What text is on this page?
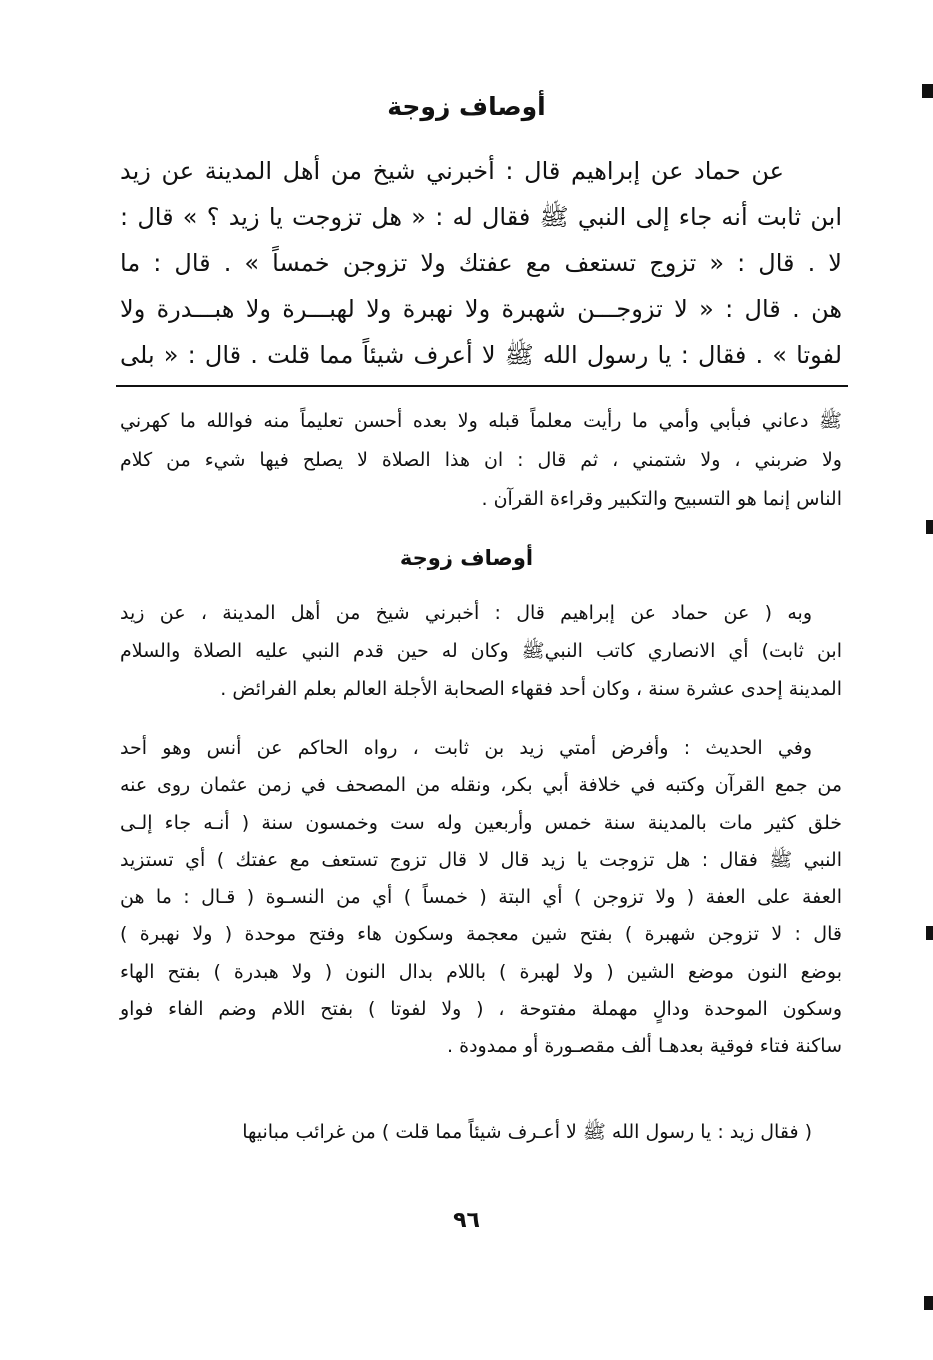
أوصاف زوجة
عن حماد عن إبراهيم قال : أخبرني شيخ من أهل المدينة عن زيد
ابن ثابت أنه جاء إلى النبي ﷺ فقال له : « هل تزوجت يا زيد ؟ » قال :
لا . قال : « تزوج تستعف مع عفتك ولا تزوجن خمساً » . قال : ما
هن . قال : « لا تزوجـــن شهبرة ولا نهبرة ولا لهبـــرة ولا هبـــدرة ولا
لفوتا » . فقال : يا رسول الله ﷺ لا أعرف شيئاً مما قلت . قال : « بلى
ﷺ دعاني فبأبي وأمي ما رأيت معلماً قبله ولا بعده أحسن تعليماً منه فوالله ما كهرني
ولا ضربني ، ولا شتمني ، ثم قال : ان هذا الصلاة لا يصلح فيها شيء من كلام
الناس إنما هو التسبيح والتكبير وقراءة القرآن .
أوصاف زوجة
وبه ( عن حماد عن إبراهيم قال : أخبرني شيخ من أهل المدينة ، عن زيد
ابن ثابت) أي الانصاري كاتب النبيﷺ وكان له حين قدم النبي عليه الصلاة والسلام
المدينة إحدى عشرة سنة ، وكان أحد فقهاء الصحابة الأجلة العالم بعلم الفرائض .
وفي الحديث : وأفرض أمتي زيد بن ثابت ، رواه الحاكم عن أنس وهو أحد
من جمع القرآن وكتبه في خلافة أبي بكر، ونقله من المصحف في زمن عثمان روى عنه
خلق كثير مات بالمدينة سنة خمس وأربعين وله ست وخمسون سنة ( أنـه جاء إلـى
النبي ﷺ فقال : هل تزوجت يا زيد قال لا قال تزوج تستعف مع عفتك ) أي تستزيد
العفة على العفة ( ولا تزوجن ) أي البتة ( خمساً ) أي من النسـوة ( قـال : ما هن
قال : لا تزوجن شهبرة ) بفتح شين معجمة وسكون هاء وفتح موحدة ( ولا نهبرة )
بوضع النون موضع الشين ( ولا لهبرة ) باللام بدال النون ( ولا هبدرة ) بفتح الهاء
وسكون الموحدة ودالٍ مهملة مفتوحة ، ( ولا لفوتا ) بفتح اللام وضم الفاء فواو
ساكنة فتاء فوقية بعدهـا ألف مقصـورة أو ممدودة .
( فقال زيد : يا رسول الله ﷺ لا أعـرف شيئاً مما قلت ) من غرائب مبانيها
٩٦
